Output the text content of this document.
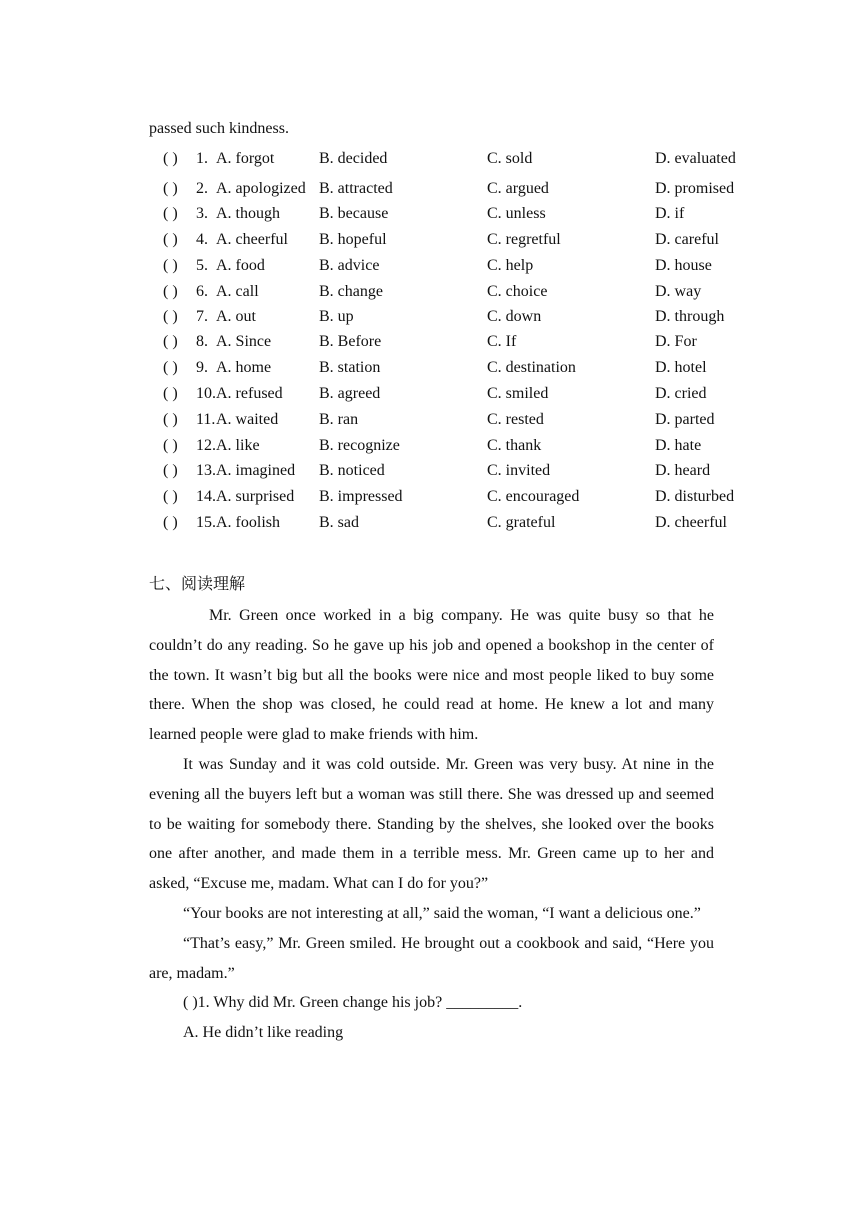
passed such kindness.
( ) 1. A. forgot	B. decided	C. sold	D. evaluated
( ) 2. A. apologized B. attracted	C. argued	D. promised
( ) 3. A. though B. because	C. unless	D. if
( ) 4. A. cheerful B. hopeful	C. regretful	D. careful
( ) 5. A. food	B. advice	C. help	D. house
( ) 6. A. call	B. change	C. choice	D. way
( ) 7. A. out	B. up	C. down	D. through
( ) 8. A. Since	B. Before	C. If	D. For
( ) 9. A. home	B. station	C. destination	D. hotel
( ) 10. A. refused B. agreed	C. smiled	D. cried
( ) 11. A. waited	B. ran	C. rested	D. parted
( ) 12. A. like	B. recognize	C. thank	D. hate
( ) 13. A. imagined B. noticed	C. invited	D. heard
( ) 14. A. surprised B. impressed	C. encouraged	D. disturbed
( ) 15. A. foolish B. sad	C. grateful	D. cheerful
七、阅读理解

Mr. Green once worked in a big company. He was quite busy so that he couldn’t do any reading. So he gave up his job and opened a bookshop in the center of the town. It wasn’t big but all the books were nice and most people liked to buy some there. When the shop was closed, he could read at home. He knew a lot and many learned people were glad to make friends with him.

It was Sunday and it was cold outside. Mr. Green was very busy. At nine in the evening all the buyers left but a woman was still there. She was dressed up and seemed to be waiting for somebody there. Standing by the shelves, she looked over the books one after another, and made them in a terrible mess. Mr. Green came up to her and asked, “Excuse me, madam. What can I do for you?”

“Your books are not interesting at all,” said the woman, “I want a delicious one.”

“That’s easy,” Mr. Green smiled. He brought out a cookbook and said, “Here you are, madam.”

( )1. Why did Mr. Green change his job? _________.

A. He didn’t like reading
